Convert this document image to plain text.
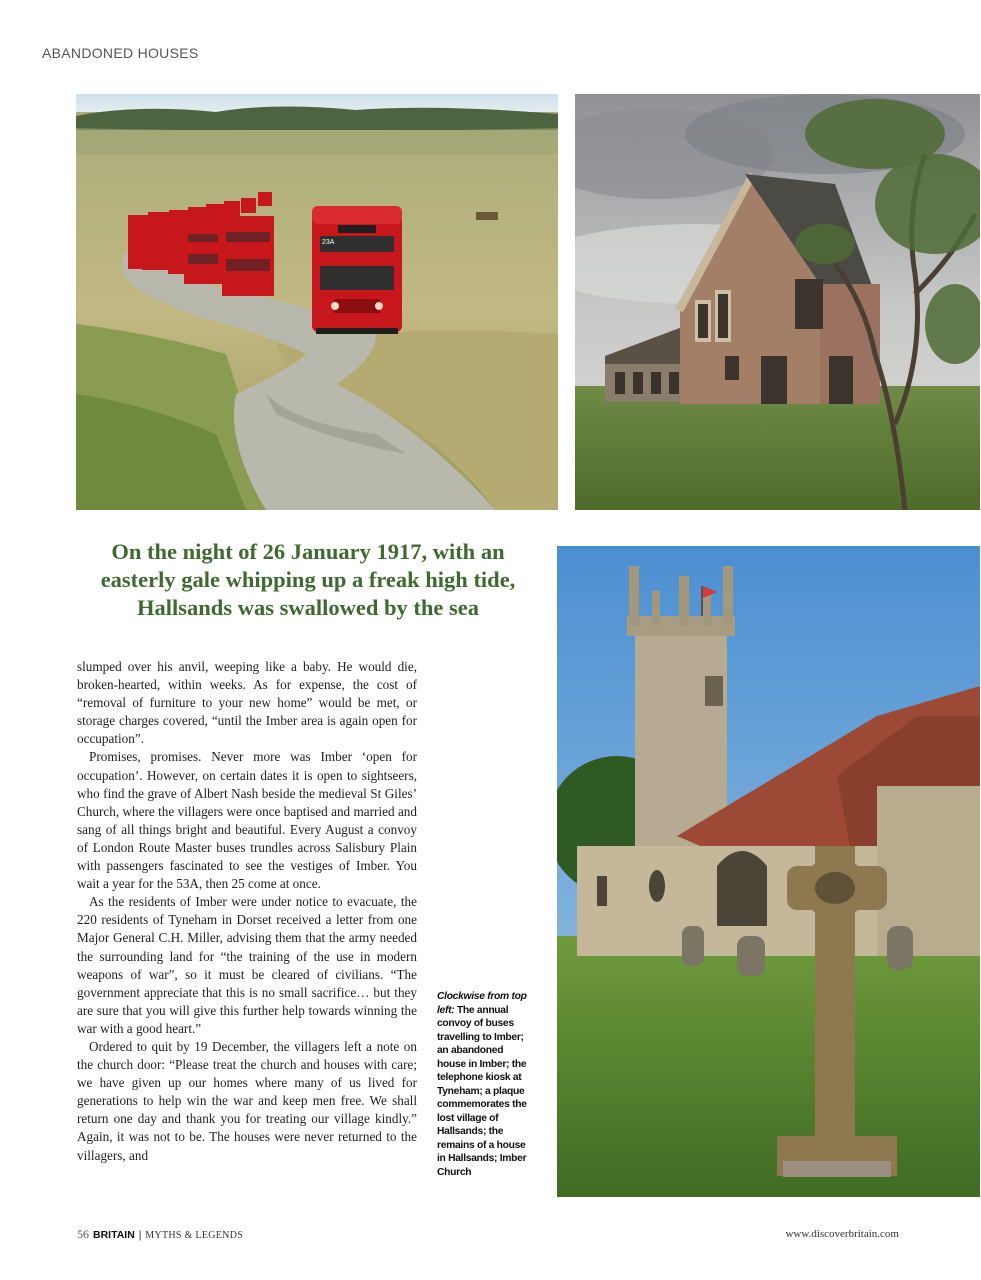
ABANDONED HOUSES
23A
On the night of 26 January 1917, with an easterly gale whipping up a freak high tide, Hallsands was swallowed by the sea

slumped over his anvil, weeping like a baby. He would die, broken-hearted, within weeks. As for expense, the cost of “removal of furniture to your new home” would be met, or storage charges covered, “until the Imber area is again open for occupation”.

Promises, promises. Never more was Imber ‘open for occupation’. However, on certain dates it is open to sightseers, who find the grave of Albert Nash beside the medieval St Giles’ Church, where the villagers were once baptised and married and sang of all things bright and beautiful. Every August a convoy of London Route Master buses trundles across Salisbury Plain with passengers fascinated to see the vestiges of Imber. You wait a year for the 53A, then 25 come at once.

As the residents of Imber were under notice to evacuate, the 220 residents of Tyneham in Dorset received a letter from one Major General C.H. Miller, advising them that the army needed the surrounding land for “the training of the use in modern weapons of war”, so it must be cleared of civilians. “The government appreciate that this is no small sacrifice… but they are sure that you will give this further help towards winning the war with a good heart.”

Ordered to quit by 19 December, the villagers left a note on the church door: “Please treat the church and houses with care; we have given up our homes where many of us lived for generations to help win the war and keep men free. We shall return one day and thank you for treating our village kindly.” Again, it was not to be. The houses were never returned to the villagers, and

Clockwise from top left: The annual convoy of buses travelling to Imber; an abandoned house in Imber; the telephone kiosk at Tyneham; a plaque commemorates the lost village of Hallsands; the remains of a house in Hallsands; Imber Church
56 BRITAIN | MYTHS & LEGENDS	www.discoverbritain.com
